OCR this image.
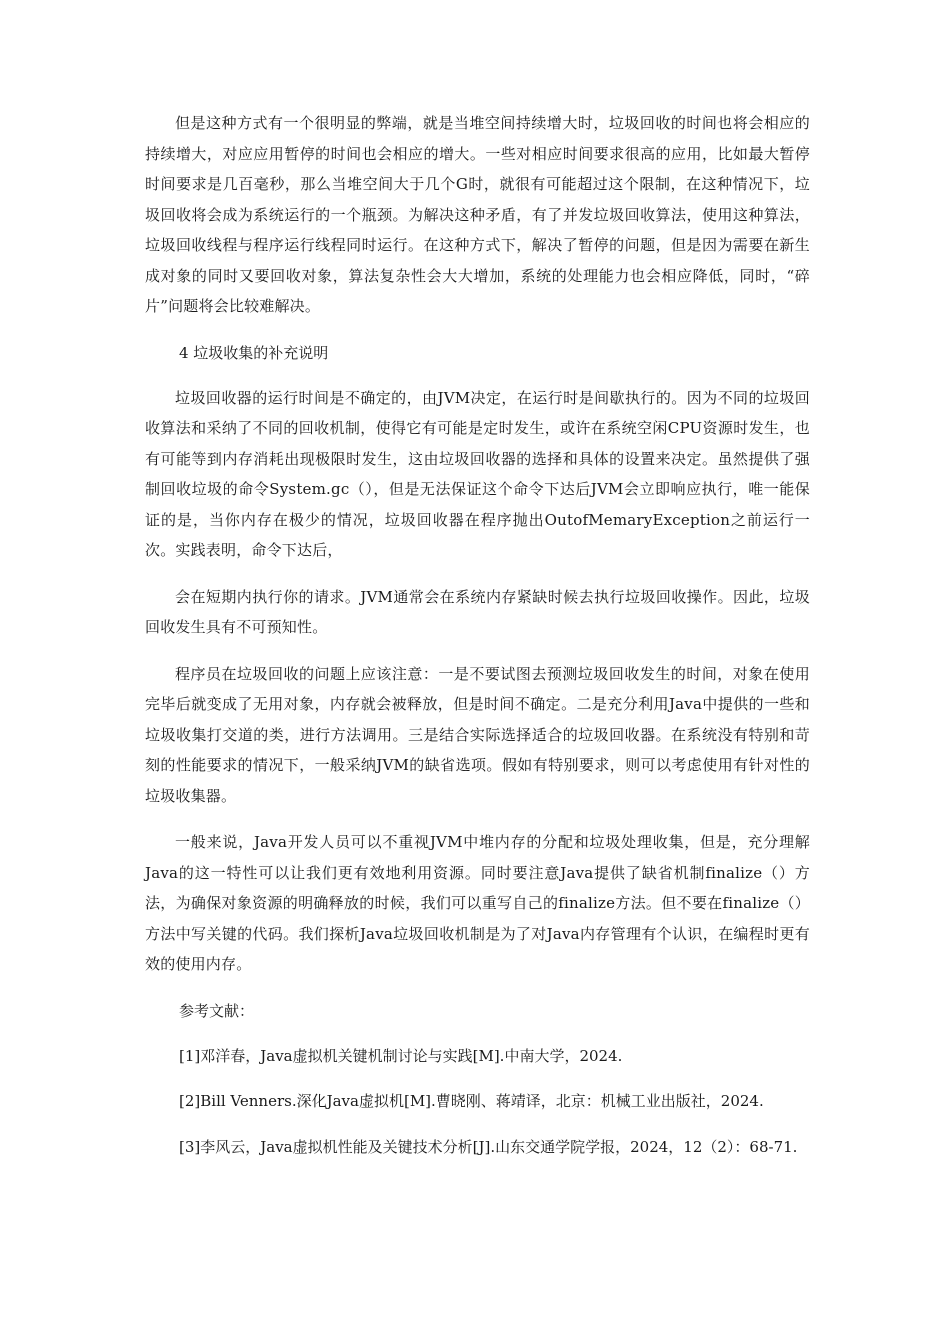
但是这种方式有一个很明显的弊端，就是当堆空间持续增大时，垃圾回收的时间也将会相应的持续增大，对应应用暂停的时间也会相应的增大。一些对相应时间要求很高的应用，比如最大暂停时间要求是几百毫秒，那么当堆空间大于几个G时，就很有可能超过这个限制，在这种情况下，垃圾回收将会成为系统运行的一个瓶颈。为解决这种矛盾，有了并发垃圾回收算法，使用这种算法，垃圾回收线程与程序运行线程同时运行。在这种方式下，解决了暂停的问题，但是因为需要在新生成对象的同时又要回收对象，算法复杂性会大大增加，系统的处理能力也会相应降低，同时，“碎片”问题将会比较难解决。

4 垃圾收集的补充说明

垃圾回收器的运行时间是不确定的，由JVM决定，在运行时是间歇执行的。因为不同的垃圾回收算法和采纳了不同的回收机制，使得它有可能是定时发生，或许在系统空闲CPU资源时发生，也有可能等到内存消耗出现极限时发生，这由垃圾回收器的选择和具体的设置来决定。虽然提供了强制回收垃圾的命令System.gc（），但是无法保证这个命令下达后JVM会立即响应执行，唯一能保证的是，当你内存在极少的情况，垃圾回收器在程序抛出OutofMemaryException之前运行一次。实践表明，命令下达后，

会在短期内执行你的请求。JVM通常会在系统内存紧缺时候去执行垃圾回收操作。因此，垃圾回收发生具有不可预知性。

程序员在垃圾回收的问题上应该注意：一是不要试图去预测垃圾回收发生的时间，对象在使用完毕后就变成了无用对象，内存就会被释放，但是时间不确定。二是充分利用Java中提供的一些和垃圾收集打交道的类，进行方法调用。三是结合实际选择适合的垃圾回收器。在系统没有特别和苛刻的性能要求的情况下，一般采纳JVM的缺省选项。假如有特别要求，则可以考虑使用有针对性的垃圾收集器。

一般来说，Java开发人员可以不重视JVM中堆内存的分配和垃圾处理收集，但是，充分理解Java的这一特性可以让我们更有效地利用资源。同时要注意Java提供了缺省机制finalize（）方法，为确保对象资源的明确释放的时候，我们可以重写自己的finalize方法。但不要在finalize（）方法中写关键的代码。我们探析Java垃圾回收机制是为了对Java内存管理有个认识，在编程时更有效的使用内存。

参考文献：
[1]邓洋春，Java虚拟机关键机制讨论与实践[M].中南大学，2024.
[2]Bill Venners.深化Java虚拟机[M].曹晓刚、蒋靖译，北京：机械工业出版社，2024.
[3]李风云，Java虚拟机性能及关键技术分析[J].山东交通学院学报，2024，12（2）：68-71.
